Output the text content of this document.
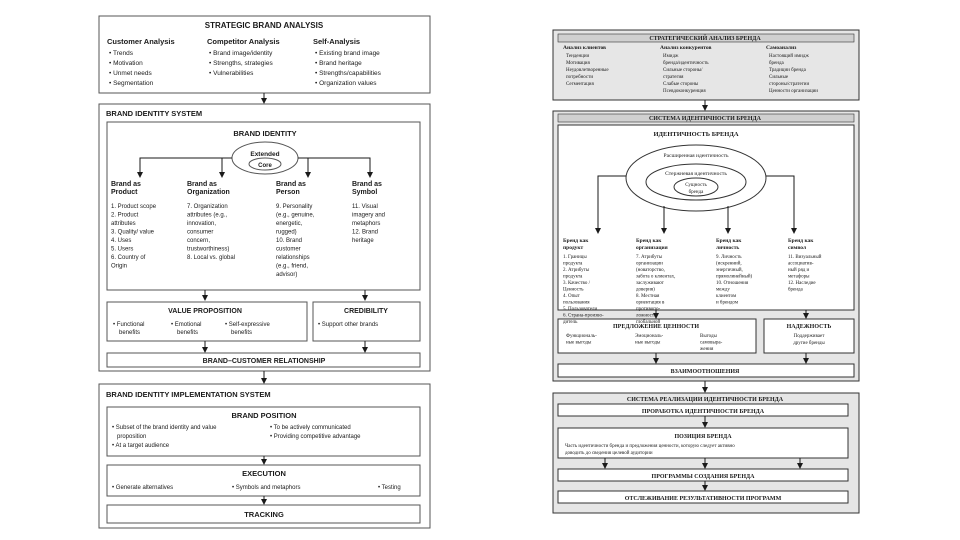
STRATEGIC BRAND ANALYSIS
Customer Analysis
• Trends
• Motivation
• Unmet needs
• Segmentation
Competitor Analysis
• Brand image/identity
• Strengths, strategies
• Vulnerabilities
Self-Analysis
• Existing brand image
• Brand heritage
• Strengths/capabilities
• Organization values
BRAND IDENTITY SYSTEM
BRAND IDENTITY
Extended
Core
Brand as
Product
1. Product scope
2. Product
attributes
3. Quality/ value
4. Uses
5. Users
6. Country of
Origin
Brand as
Organization
7. Organization
attributes (e.g.,
innovation,
consumer
concern,
trustworthiness)
8. Local vs. global
Brand as
Person
9. Personality
(e.g., genuine,
energetic,
rugged)
10. Brand
customer
relationships
(e.g., friend,
advisor)
Brand as
Symbol
11. Visual
imagery and
metaphors
12. Brand
heritage
VALUE PROPOSITION
• Functional
benefits
• Emotional
benefits
• Self-expressive
benefits
CREDIBILITY
• Support other brands
BRAND–CUSTOMER RELATIONSHIP
BRAND IDENTITY IMPLEMENTATION SYSTEM
BRAND POSITION
• Subset of the brand identity and value
proposition
• At a target audience
• To be actively communicated
• Providing competitive advantage
EXECUTION
• Generate alternatives	• Symbols and metaphors	• Testing
TRACKING
СТРАТЕГИЧЕСКИЙ АНАЛИЗ БРЕНДА
Анализ клиентов
Тенденции
Мотивация
Неудовлетворенные
потребности
Сегментация
Анализ конкурентов
Имидж
бренда/идентичность
Сильные стороны/
стратегия
Слабые стороны
Псевдоконкуренция
Самоанализ
Настоящий имидж
бренда
Традиции бренда
Сильные
стороны/стратегии
Ценности организации
СИСТЕМА ИДЕНТИЧНОСТИ БРЕНДА
ИДЕНТИЧНОСТЬ БРЕНДА
Расширенная идентичность
Стержневая идентичность
Сущность
бренда
Бренд как
продукт
1. Границы
продукта
2. Атрибуты
продукта
3. Качество /
Ценность
4. Опыт
пользования
5. Пользователи
6. Страна-произво-
дитель
Бренд как
организация
7. Атрибуты
организации
(новаторство,
забота о клиентах,
заслуживают
доверия)
8. Местная
ориентация в
противопо-
ложность
глобальной
Бренд как
личность
9. Личность
(искренний,
энергичный,
прямолинейный)
10. Отношения
между
клиентом
и брендом
Бренд как
символ
11. Визуальный
ассоциатив-
ный ряд и
метафоры
12. Наследие
бренда
ПРЕДЛОЖЕНИЕ ЦЕННОСТИ
Функциональ-
ные выгоды
Эмоциональ-
ные выгоды
Выгоды
самовыра-
жения
НАДЕЖНОСТЬ
Поддерживает
другие бренды
ВЗАИМООТНОШЕНИЯ
СИСТЕМА РЕАЛИЗАЦИИ ИДЕНТИЧНОСТИ БРЕНДА
ПРОРАБОТКА ИДЕНТИЧНОСТИ БРЕНДА
ПОЗИЦИЯ БРЕНДА
Часть идентичности бренда и предложения ценности, которую следует активно
доводить до сведения целевой аудитории
ПРОГРАММЫ СОЗДАНИЯ БРЕНДА
ОТСЛЕЖИВАНИЕ РЕЗУЛЬТАТИВНОСТИ ПРОГРАММ
